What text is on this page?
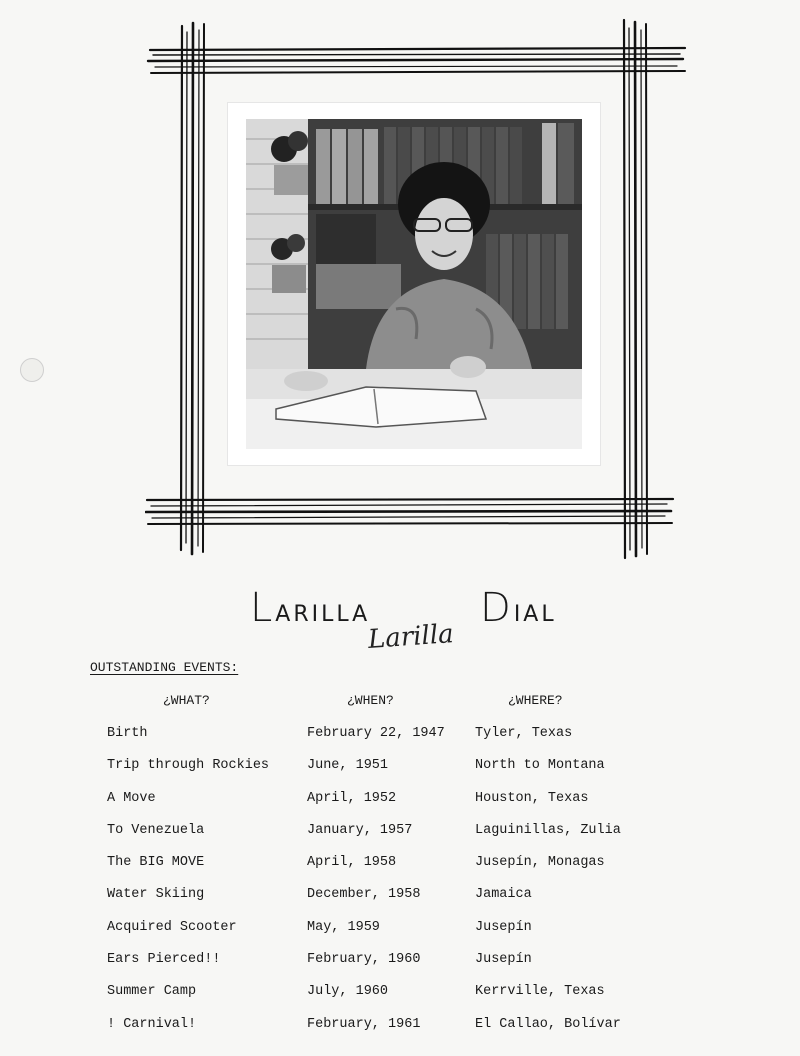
LARILLA	DIAL
Larilla
OUTSTANDING EVENTS:
¿WHAT?	¿WHEN?	¿WHERE?
Birth	February 22, 1947 Tyler, Texas
Trip through Rockies	June, 1951	North to Montana
A Move	April, 1952	Houston, Texas
To Venezuela	January, 1957	Laguinillas, Zulia
The BIG MOVE	April, 1958	Jusepín, Monagas
Water Skiing	December, 1958	Jamaica
Acquired Scooter	May, 1959	Jusepín
Ears Pierced!!	February, 1960	Jusepín
Summer Camp	July, 1960	Kerrville, Texas
! Carnival!	February, 1961	El Callao, Bolívar
